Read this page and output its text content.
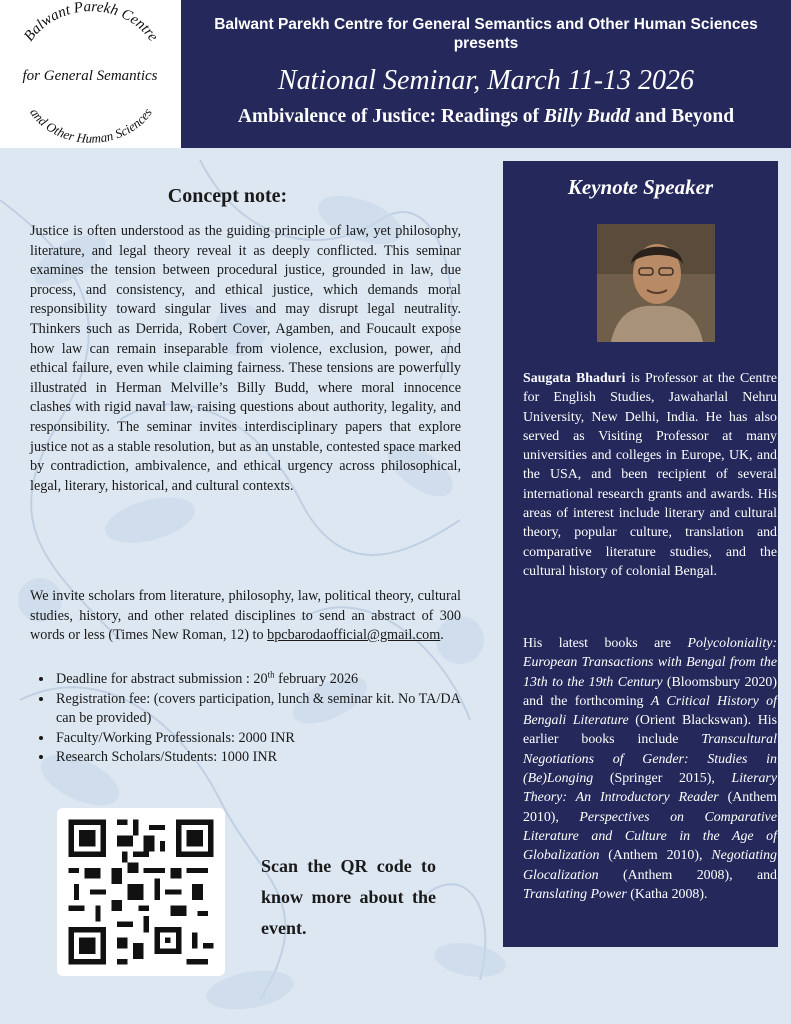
Balwant Parekh Centre
for General Semantics
and Other Human Sciences
Balwant Parekh Centre for General Semantics and Other Human Sciences
presents
National Seminar, March 11-13 2026
Ambivalence of Justice: Readings of Billy Budd and Beyond
Concept note:

Justice is often understood as the guiding principle of law, yet philosophy, literature, and legal theory reveal it as deeply conflicted. This seminar examines the tension between procedural justice, grounded in law, due process, and consistency, and ethical justice, which demands moral responsibility toward singular lives and may disrupt legal neutrality. Thinkers such as Derrida, Robert Cover, Agamben, and Foucault expose how law can remain inseparable from violence, exclusion, power, and ethical failure, even while claiming fairness. These tensions are powerfully illustrated in Herman Melville’s Billy Budd, where moral innocence clashes with rigid naval law, raising questions about authority, legality, and responsibility. The seminar invites interdisciplinary papers that explore justice not as a stable resolution, but as an unstable, contested space marked by contradiction, ambivalence, and ethical urgency across philosophical, legal, literary, historical, and cultural contexts.

We invite scholars from literature, philosophy, law, political theory, cultural studies, history, and other related disciplines to send an abstract of 300 words or less (Times New Roman, 12) to bpcbarodaofficial@gmail.com.

• Deadline for abstract submission : 20th february 2026
• Registration fee: (covers participation, lunch & seminar kit. No TA/DA can be provided)
• Faculty/Working Professionals: 2000 INR
• Research Scholars/Students: 1000 INR
Scan the QR code to know more about the event.
Keynote Speaker

Saugata Bhaduri is Professor at the Centre for English Studies, Jawaharlal Nehru University, New Delhi, India. He has also served as Visiting Professor at many universities and colleges in Europe, UK, and the USA, and been recipient of several international research grants and awards. His areas of interest include literary and cultural theory, popular culture, translation and comparative literature studies, and the cultural history of colonial Bengal.

His latest books are Polycoloniality: European Transactions with Bengal from the 13th to the 19th Century (Bloomsbury 2020) and the forthcoming A Critical History of Bengali Literature (Orient Blackswan). His earlier books include Transcultural Negotiations of Gender: Studies in (Be)Longing (Springer 2015), Literary Theory: An Introductory Reader (Anthem 2010), Perspectives on Comparative Literature and Culture in the Age of Globalization (Anthem 2010), Negotiating Glocalization (Anthem 2008), and Translating Power (Katha 2008).
